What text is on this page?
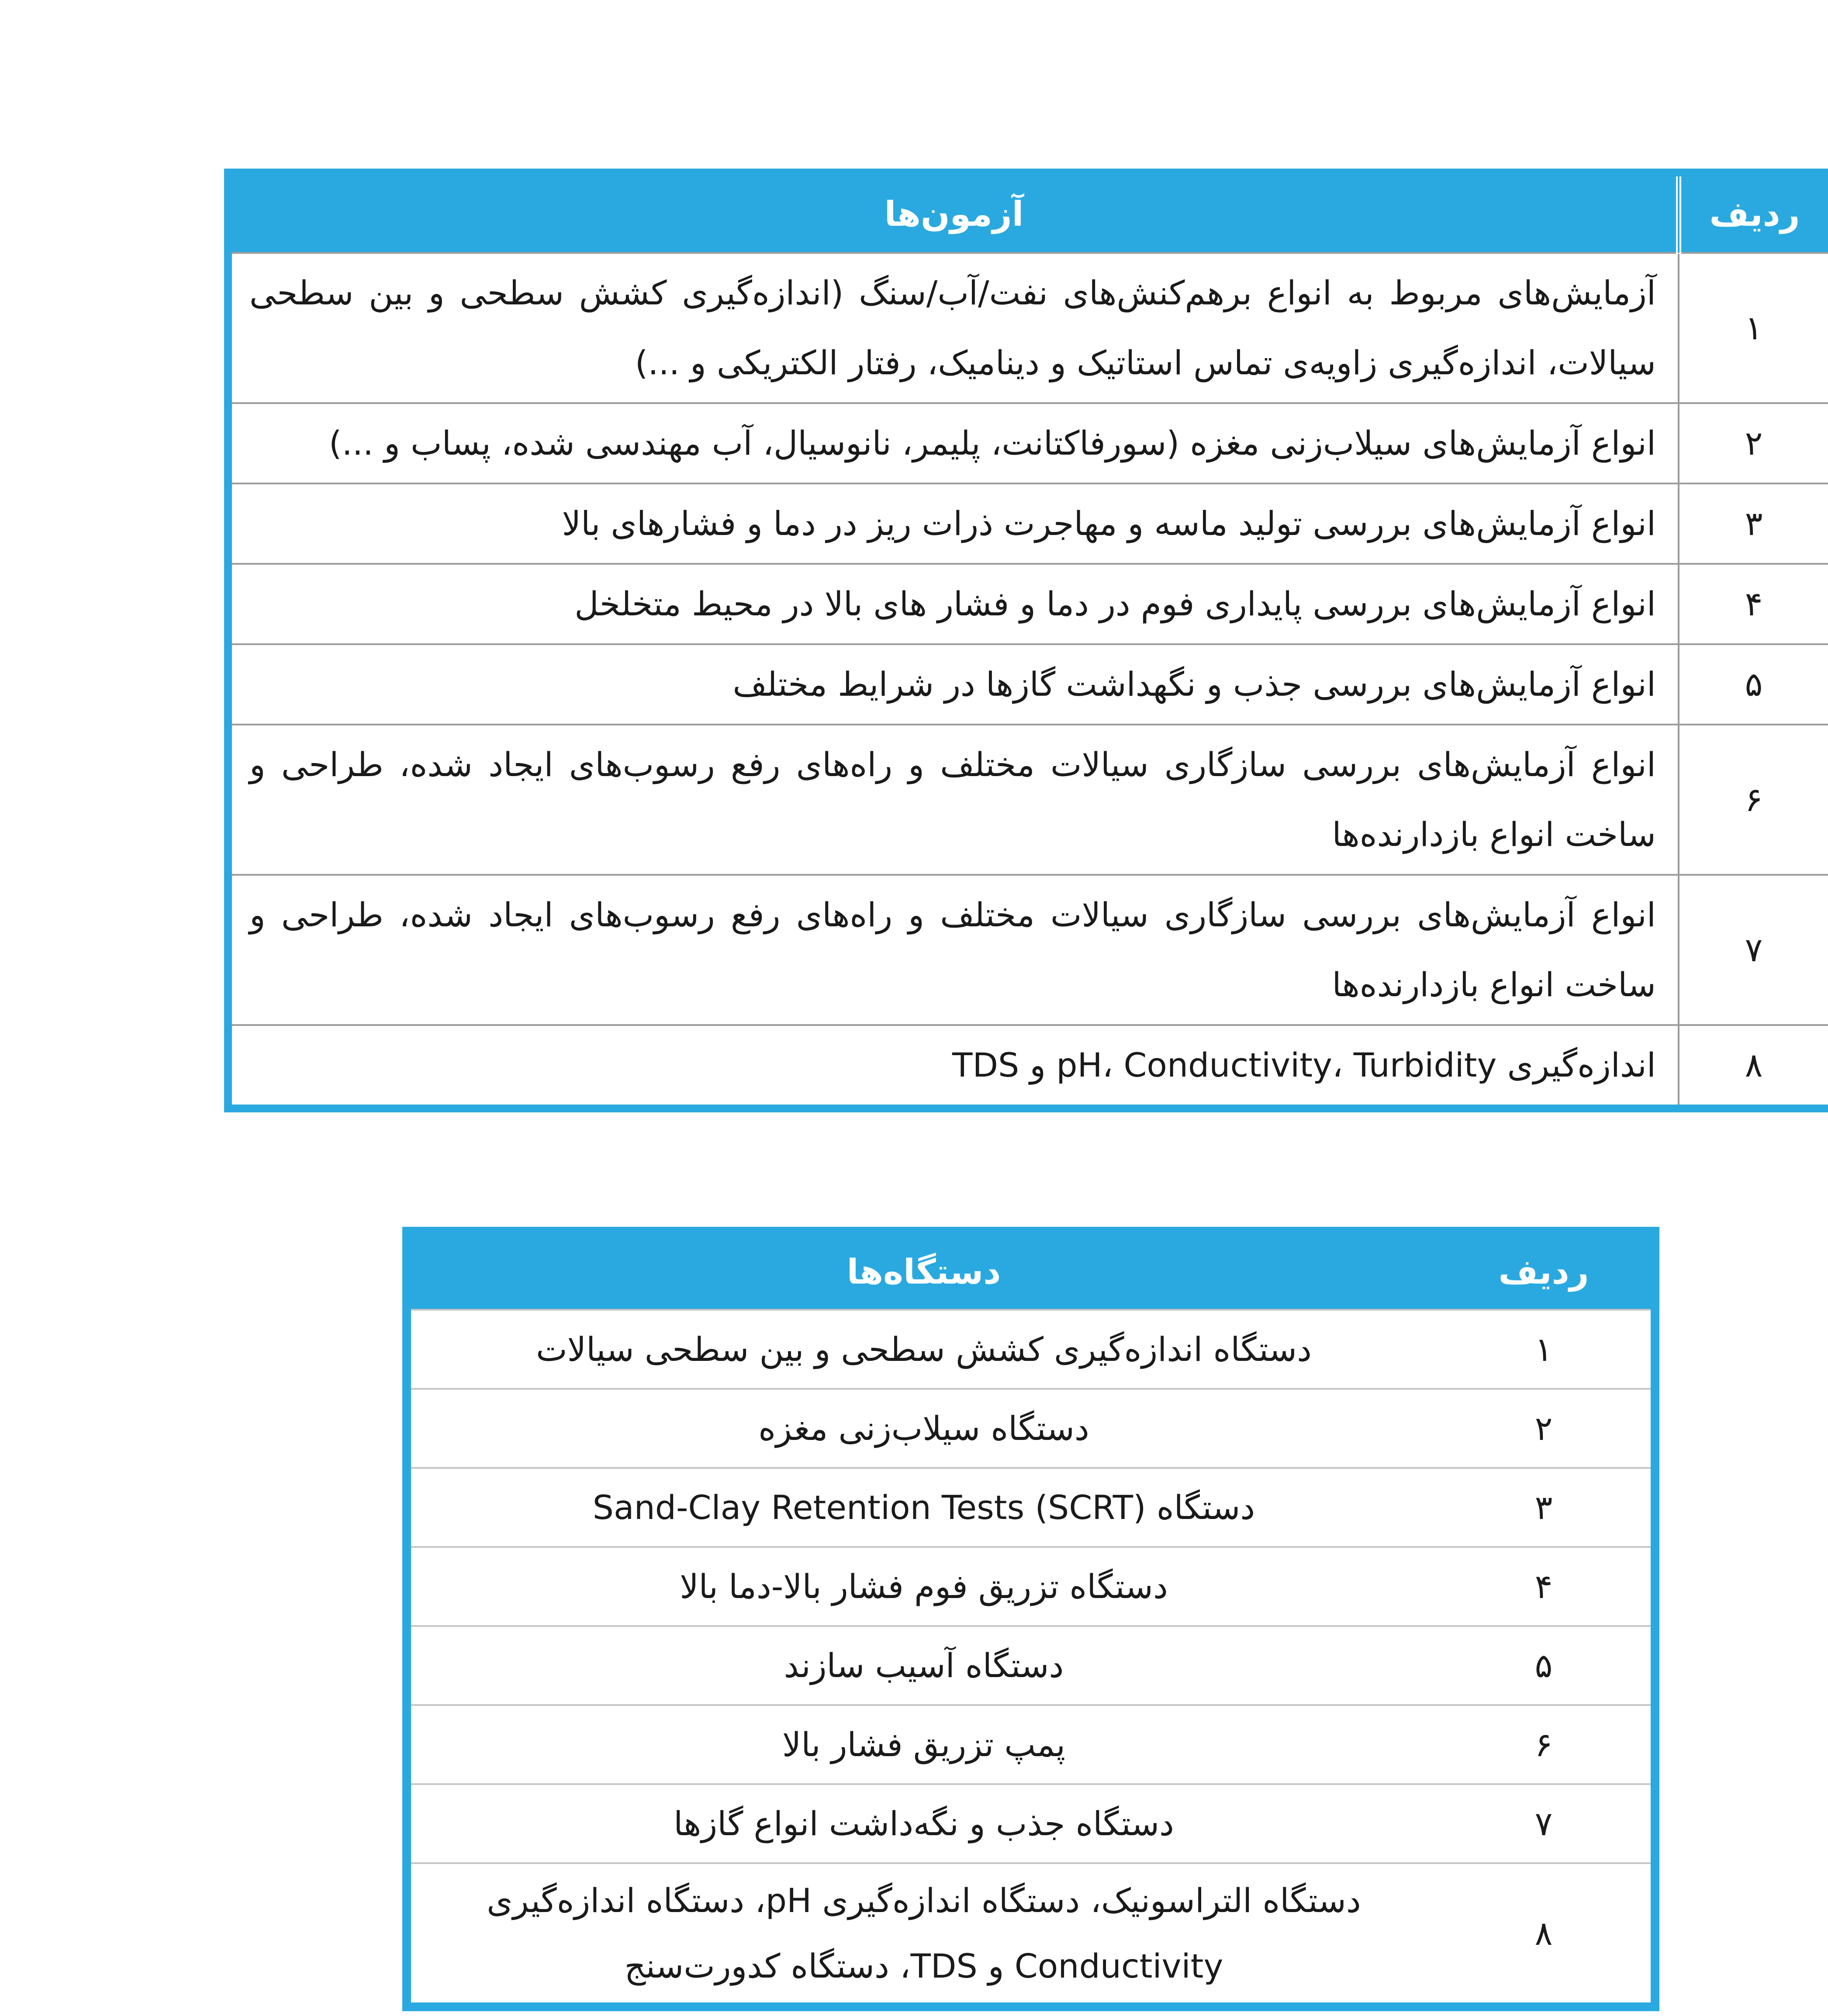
ردیف	آزمون‌ها
۱	آزمایش‌های مربوط به انواع برهم‌کنش‌های نفت/آب/سنگ (اندازه‌گیری کشش سطحی و بین سطحی سیالات، اندازه‌گیری زاویه‌ی تماس استاتیک و دینامیک، رفتار الکتریکی و ...)
۲	انواع آزمایش‌های سیلاب‌زنی مغزه (سورفاکتانت، پلیمر، نانوسیال، آب مهندسی شده، پساب و ...)
۳	انواع آزمایش‌های بررسی تولید ماسه و مهاجرت ذرات ریز در دما و فشارهای بالا
۴	انواع آزمایش‌های بررسی پایداری فوم در دما و فشار های بالا در محیط متخلخل
۵	انواع آزمایش‌های بررسی جذب و نگهداشت گازها در شرایط مختلف
۶	انواع آزمایش‌های بررسی سازگاری سیالات مختلف و راه‌های رفع رسوب‌های ایجاد شده، طراحی و ساخت انواع بازدارنده‌ها
۷	انواع آزمایش‌های بررسی سازگاری سیالات مختلف و راه‌های رفع رسوب‌های ایجاد شده، طراحی و ساخت انواع بازدارنده‌ها
۸	اندازه‌گیری pH، Conductivity، Turbidity و TDS
ردیف	دستگاه‌ها
۱	دستگاه اندازه‌گیری کشش سطحی و بین سطحی سیالات
۲	دستگاه سیلاب‌زنی مغزه
۳	دستگاه Sand-Clay Retention Tests (SCRT)
۴	دستگاه تزریق فوم فشار بالا-دما بالا
۵	دستگاه آسیب سازند
۶	پمپ تزریق فشار بالا
۷	دستگاه جذب و نگه‌داشت انواع گازها
۸	دستگاه التراسونیک، دستگاه اندازه‌گیری pH، دستگاه اندازه‌گیری Conductivity و TDS، دستگاه کدورت‌سنج
